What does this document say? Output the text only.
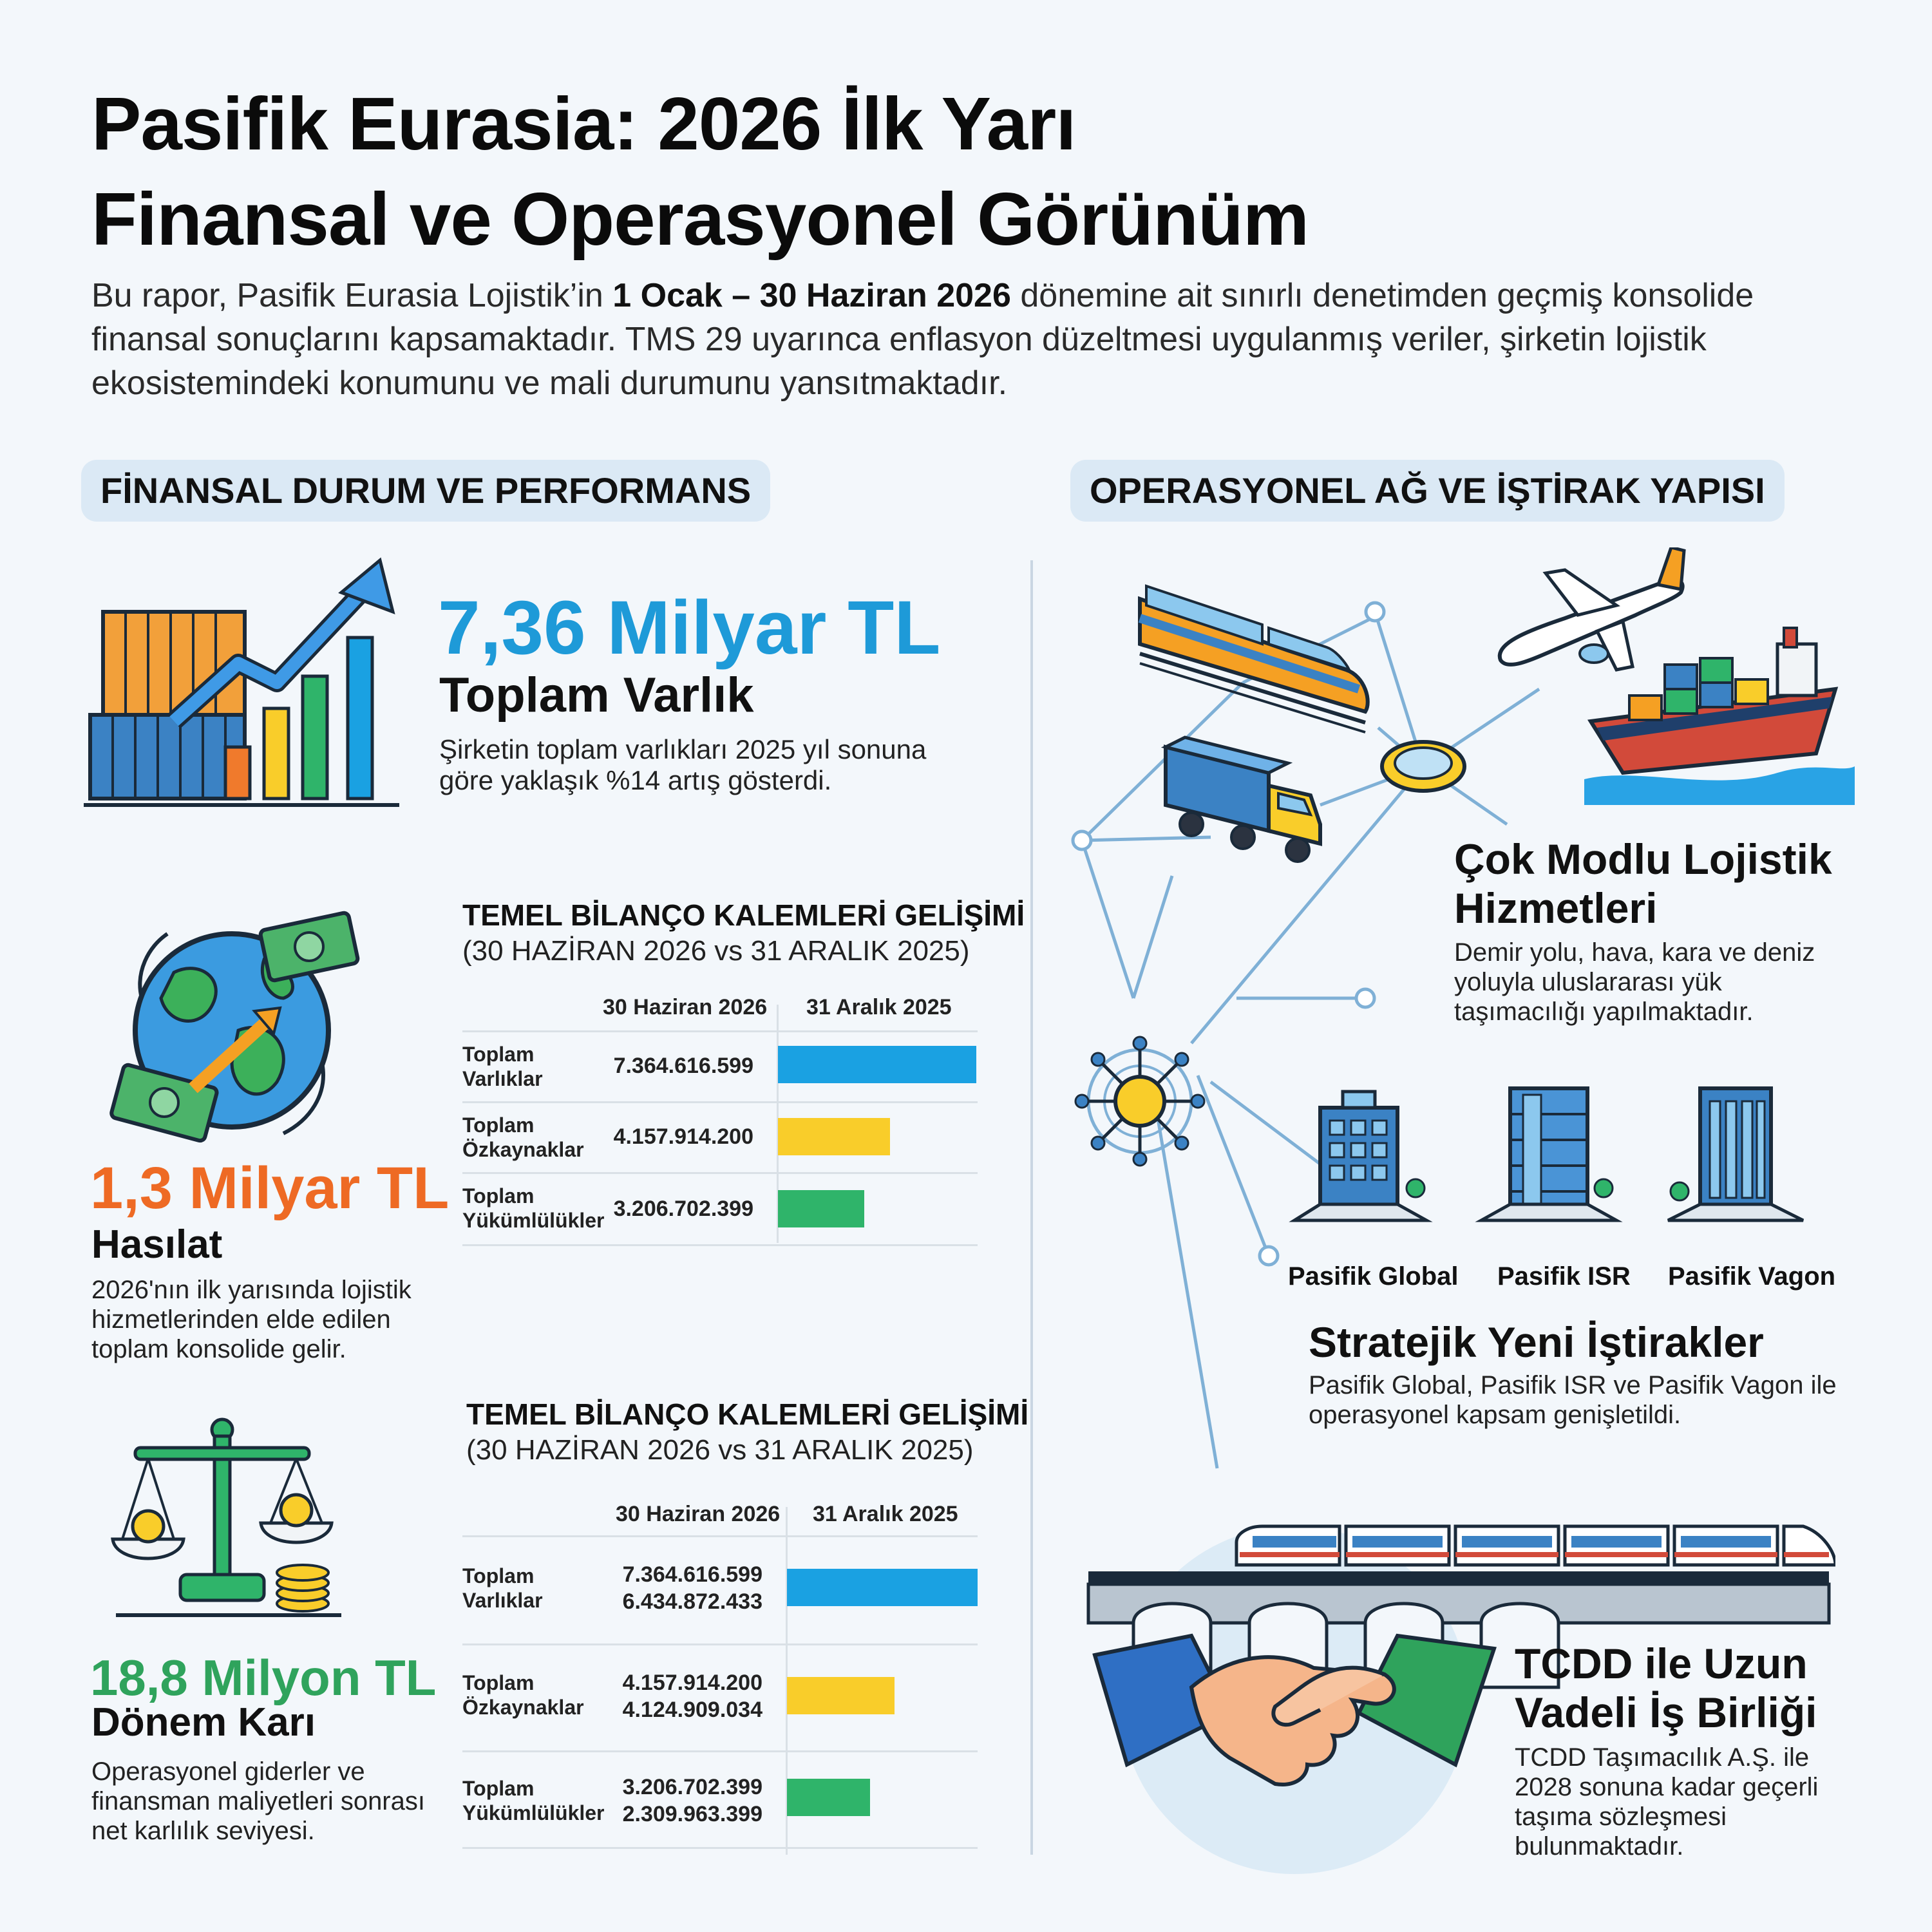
Pasifik Eurasia: 2026 İlk Yarı
Finansal ve Operasyonel Görünüm
Bu rapor, Pasifik Eurasia Lojistik’in 1 Ocak – 30 Haziran 2026 dönemine ait sınırlı denetimden geçmiş konsolide finansal sonuçlarını kapsamaktadır. TMS 29 uyarınca enflasyon düzeltmesi uygulanmış veriler, şirketin lojistik ekosistemindeki konumunu ve mali durumunu yansıtmaktadır.
FİNANSAL DURUM VE PERFORMANS	OPERASYONEL AĞ VE İŞTİRAK YAPISI
7,36 Milyar TL
Toplam Varlık
Şirketin toplam varlıkları 2025 yıl sonuna
göre yaklaşık %14 artış gösterdi.
1,3 Milyar TL
Hasılat
2026'nın ilk yarısında lojistik
hizmetlerinden elde edilen
toplam konsolide gelir.
18,8 Milyon TL
Dönem Karı
Operasyonel giderler ve
finansman maliyetleri sonrası
net karlılık seviyesi.
TEMEL BİLANÇO KALEMLERİ GELİŞİMİ
(30 HAZİRAN 2026 vs 31 ARALIK 2025)
30 Haziran 2026 31 Aralık 2025
Toplam
Varlıklar
7.364.616.599
Toplam
Özkaynaklar
4.157.914.200
Toplam
Yükümlülükler 3.206.702.399
TEMEL BİLANÇO KALEMLERİ GELİŞİMİ
(30 HAZİRAN 2026 vs 31 ARALIK 2025)
30 Haziran 2026 31 Aralık 2025
Toplam
Varlıklar
7.364.616.599
6.434.872.433
Toplam
Özkaynaklar
4.157.914.200
4.124.909.034
Toplam
Yükümlülükler
3.206.702.399
2.309.963.399
Çok Modlu Lojistik
Hizmetleri
Demir yolu, hava, kara ve deniz
yoluyla uluslararası yük
taşımacılığı yapılmaktadır.
Pasifik Global Pasifik ISR Pasifik Vagon
Stratejik Yeni İştirakler
Pasifik Global, Pasifik ISR ve Pasifik Vagon ile
operasyonel kapsam genişletildi.
TCDD ile Uzun
Vadeli İş Birliği
TCDD Taşımacılık A.Ş. ile
2028 sonuna kadar geçerli
taşıma sözleşmesi
bulunmaktadır.
